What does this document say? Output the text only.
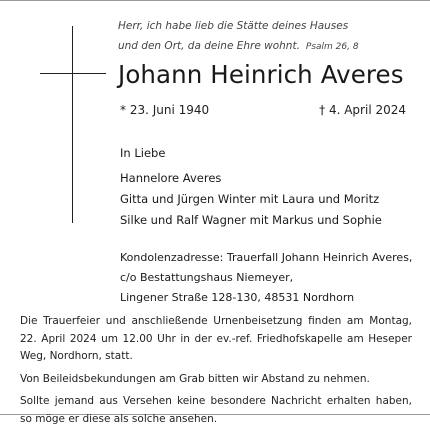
Herr, ich habe lieb die Stätte deines Hauses
und den Ort, da deine Ehre wohnt. Psalm 26, 8
Johann Heinrich Averes
* 23. Juni 1940	† 4. April 2024
In Liebe
Hannelore Averes
Gitta und Jürgen Winter mit Laura und Moritz
Silke und Ralf Wagner mit Markus und Sophie
Kondolenzadresse: Trauerfall Johann Heinrich Averes,
c/o Bestattungshaus Niemeyer,
Lingener Straße 128-130, 48531 Nordhorn

Die Trauerfeier und anschließende Urnenbeisetzung finden am Montag, 22. April 2024 um 12.00 Uhr in der ev.-ref. Friedhofskapelle am Heseper Weg, Nordhorn, statt.

Von Beileidsbekundungen am Grab bitten wir Abstand zu nehmen.

Sollte jemand aus Versehen keine besondere Nachricht erhalten haben, so möge er diese als solche ansehen.
